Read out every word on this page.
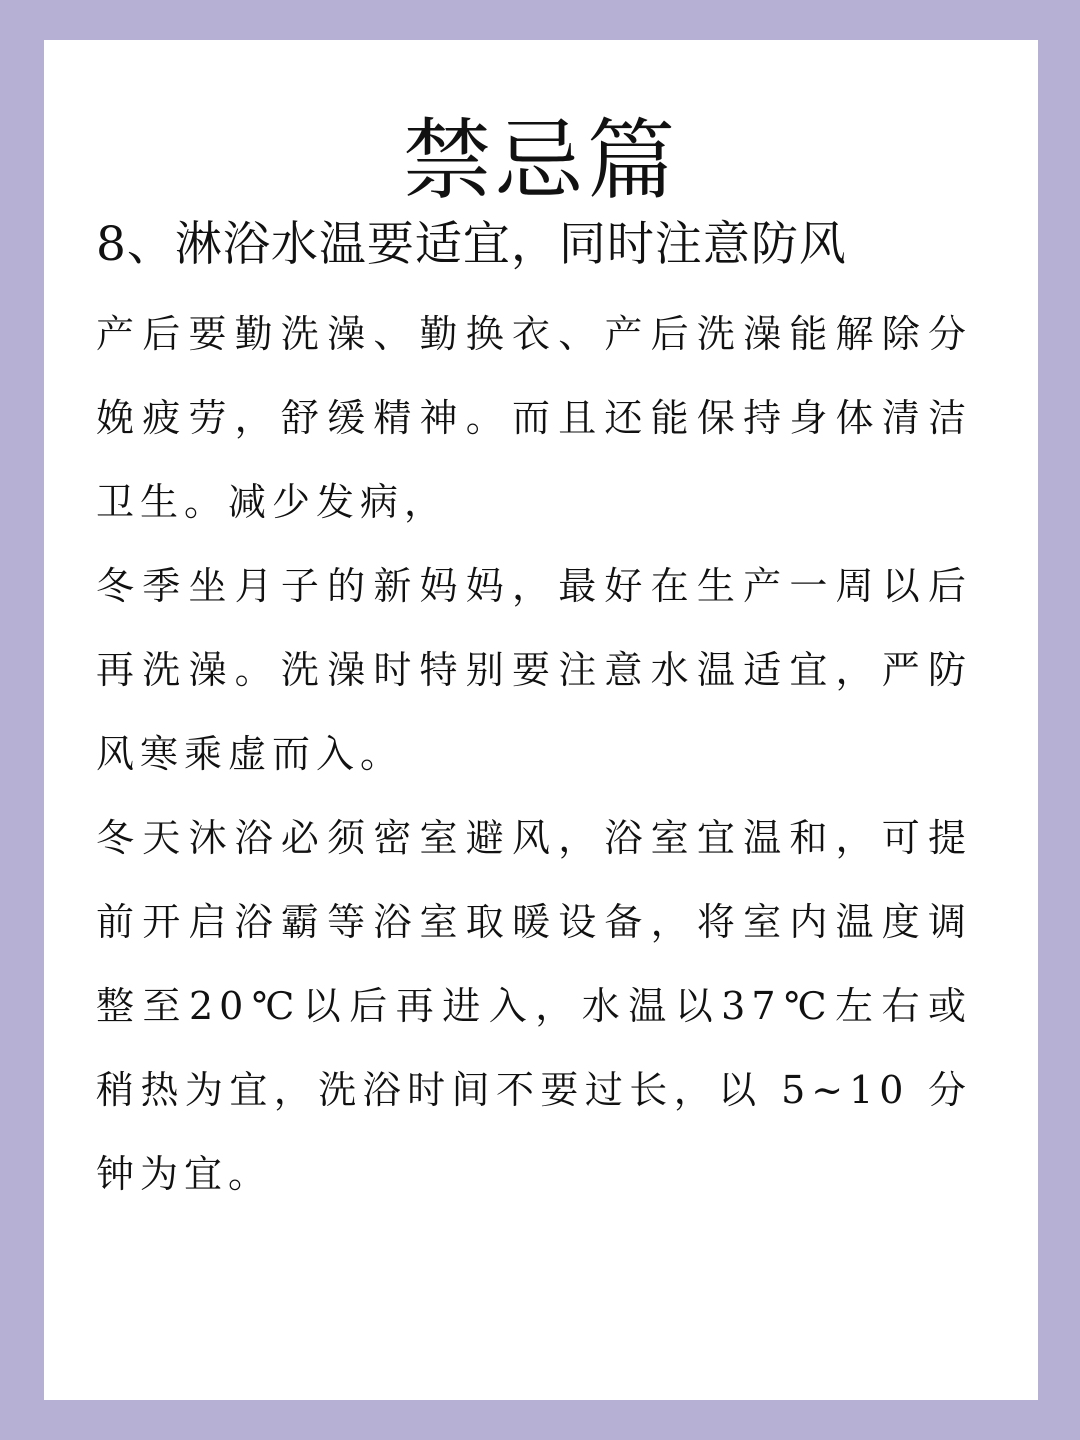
禁忌篇
8、淋浴水温要适宜，同时注意防风

产后要勤洗澡、勤换衣、产后洗澡能解除分娩疲劳，舒缓精神。而且还能保持身体清洁卫生。减少发病，

冬季坐月子的新妈妈，最好在生产一周以后再洗澡。洗澡时特别要注意水温适宜，严防风寒乘虚而入。

冬天沐浴必须密室避风，浴室宜温和，可提前开启浴霸等浴室取暖设备，将室内温度调整至20℃以后再进入，水温以37℃左右或稍热为宜，洗浴时间不要过长，以 5~10 分钟为宜。
